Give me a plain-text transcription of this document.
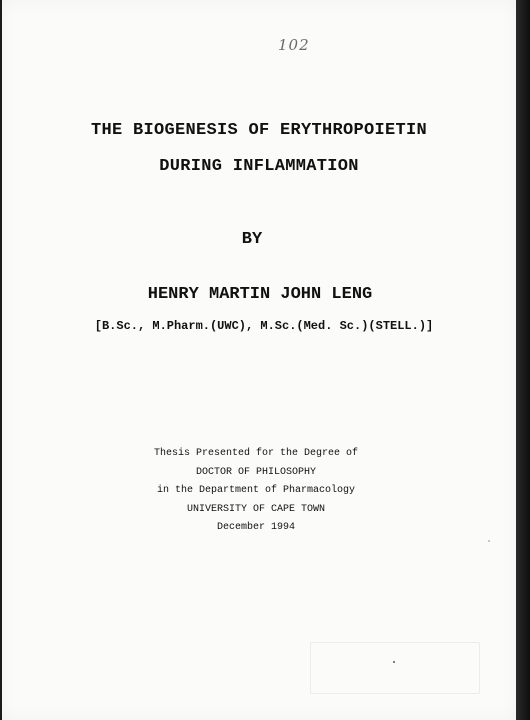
102
THE BIOGENESIS OF ERYTHROPOIETIN
DURING INFLAMMATION
BY
HENRY MARTIN JOHN LENG
[B.Sc., M.Pharm.(UWC), M.Sc.(Med. Sc.)(STELL.)]
Thesis Presented for the Degree of
DOCTOR OF PHILOSOPHY
in the Department of Pharmacology
UNIVERSITY OF CAPE TOWN
December 1994
